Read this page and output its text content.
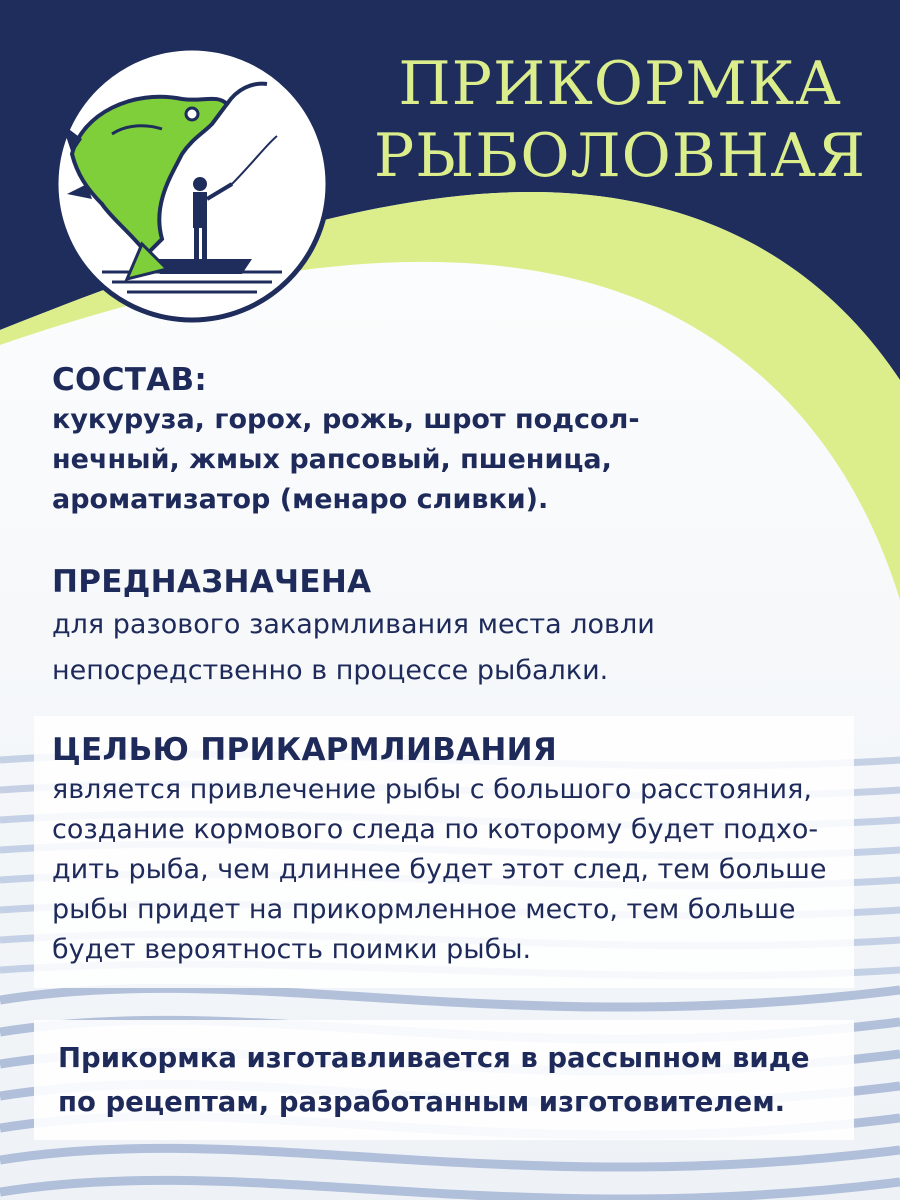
ПРИКОРМКА
РЫБОЛОВНАЯ
СОСТАВ:
кукуруза, горох, рожь, шрот подсол-
нечный, жмых рапсовый, пшеница,
ароматизатор (менаро сливки).
ПРЕДНАЗНАЧЕНА
для разового закармливания места ловли
непосредственно в процессе рыбалки.
ЦЕЛЬЮ ПРИКАРМЛИВАНИЯ
является привлечение рыбы с большого расстояния,
создание кормового следа по которому будет подхо-
дить рыба, чем длиннее будет этот след, тем больше
рыбы придет на прикормленное место, тем больше
будет вероятность поимки рыбы.
Прикормка изготавливается в рассыпном виде
по рецептам, разработанным изготовителем.
